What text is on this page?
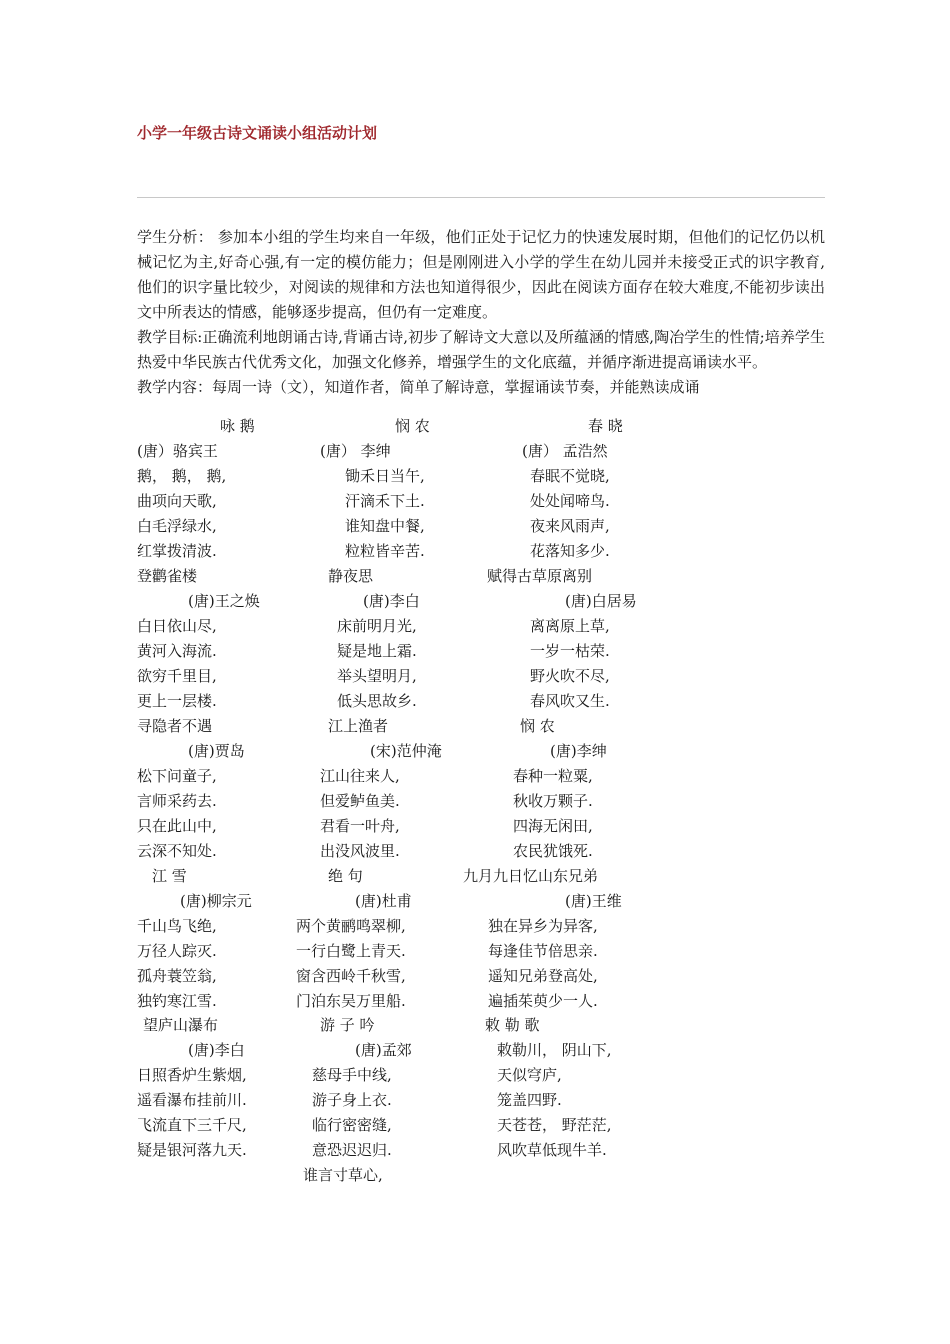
小学一年级古诗文诵读小组活动计划

学生分析： 参加本小组的学生均来自一年级，他们正处于记忆力的快速发展时期，但他们的记忆仍以机械记忆为主,好奇心强,有一定的模仿能力；但是刚刚进入小学的学生在幼儿园并未接受正式的识字教育,他们的识字量比较少，对阅读的规律和方法也知道得很少，因此在阅读方面存在较大难度,不能初步读出文中所表达的情感，能够逐步提高，但仍有一定难度。

教学目标:正确流利地朗诵古诗,背诵古诗,初步了解诗文大意以及所蕴涵的情感,陶冶学生的性情;培养学生热爱中华民族古代优秀文化，加强文化修养，增强学生的文化底蕴，并循序渐进提高诵读水平。

教学内容：每周一诗（文），知道作者，简单了解诗意，掌握诵读节奏，并能熟读成诵

咏 鹅
(唐）骆宾王
鹅， 鹅， 鹅,
曲项向天歌,
白毛浮绿水,
红掌拨清波.
悯 农
(唐） 李绅
锄禾日当午,
汗滴禾下土.
谁知盘中餐,
粒粒皆辛苦.
春 晓
(唐） 孟浩然
春眠不觉晓,
处处闻啼鸟.
夜来风雨声,
花落知多少.
登鹳雀楼
(唐)王之焕
白日依山尽,
黄河入海流.
欲穷千里目,
更上一层楼.
静夜思
(唐)李白
床前明月光,
疑是地上霜.
举头望明月,
低头思故乡.
赋得古草原离别
(唐)白居易
离离原上草,
一岁一枯荣.
野火吹不尽,
春风吹又生.
寻隐者不遇
(唐)贾岛
松下问童子,
言师采药去.
只在此山中,
云深不知处.
江上渔者
(宋)范仲淹
江山往来人,
但爱鲈鱼美.
君看一叶舟,
出没风波里.
悯 农
(唐)李绅
春种一粒粟,
秋收万颗子.
四海无闲田,
农民犹饿死.
江 雪
(唐)柳宗元
千山鸟飞绝,
万径人踪灭.
孤舟蓑笠翁,
独钓寒江雪.
绝 句
(唐)杜甫
两个黄鹂鸣翠柳,
一行白鹭上青天.
窗含西岭千秋雪,
门泊东吴万里船.
九月九日忆山东兄弟
(唐)王维
独在异乡为异客,
每逢佳节倍思亲.
遥知兄弟登高处,
遍插茱萸少一人.
望庐山瀑布
(唐)李白
日照香炉生紫烟,
遥看瀑布挂前川.
飞流直下三千尺,
疑是银河落九天.
游 子 吟
(唐)孟郊
慈母手中线,
游子身上衣.
临行密密缝,
意恐迟迟归.
谁言寸草心,
敕 勒 歌
敕勒川， 阴山下,
天似穹庐,
笼盖四野.
天苍苍， 野茫茫,
风吹草低现牛羊.
